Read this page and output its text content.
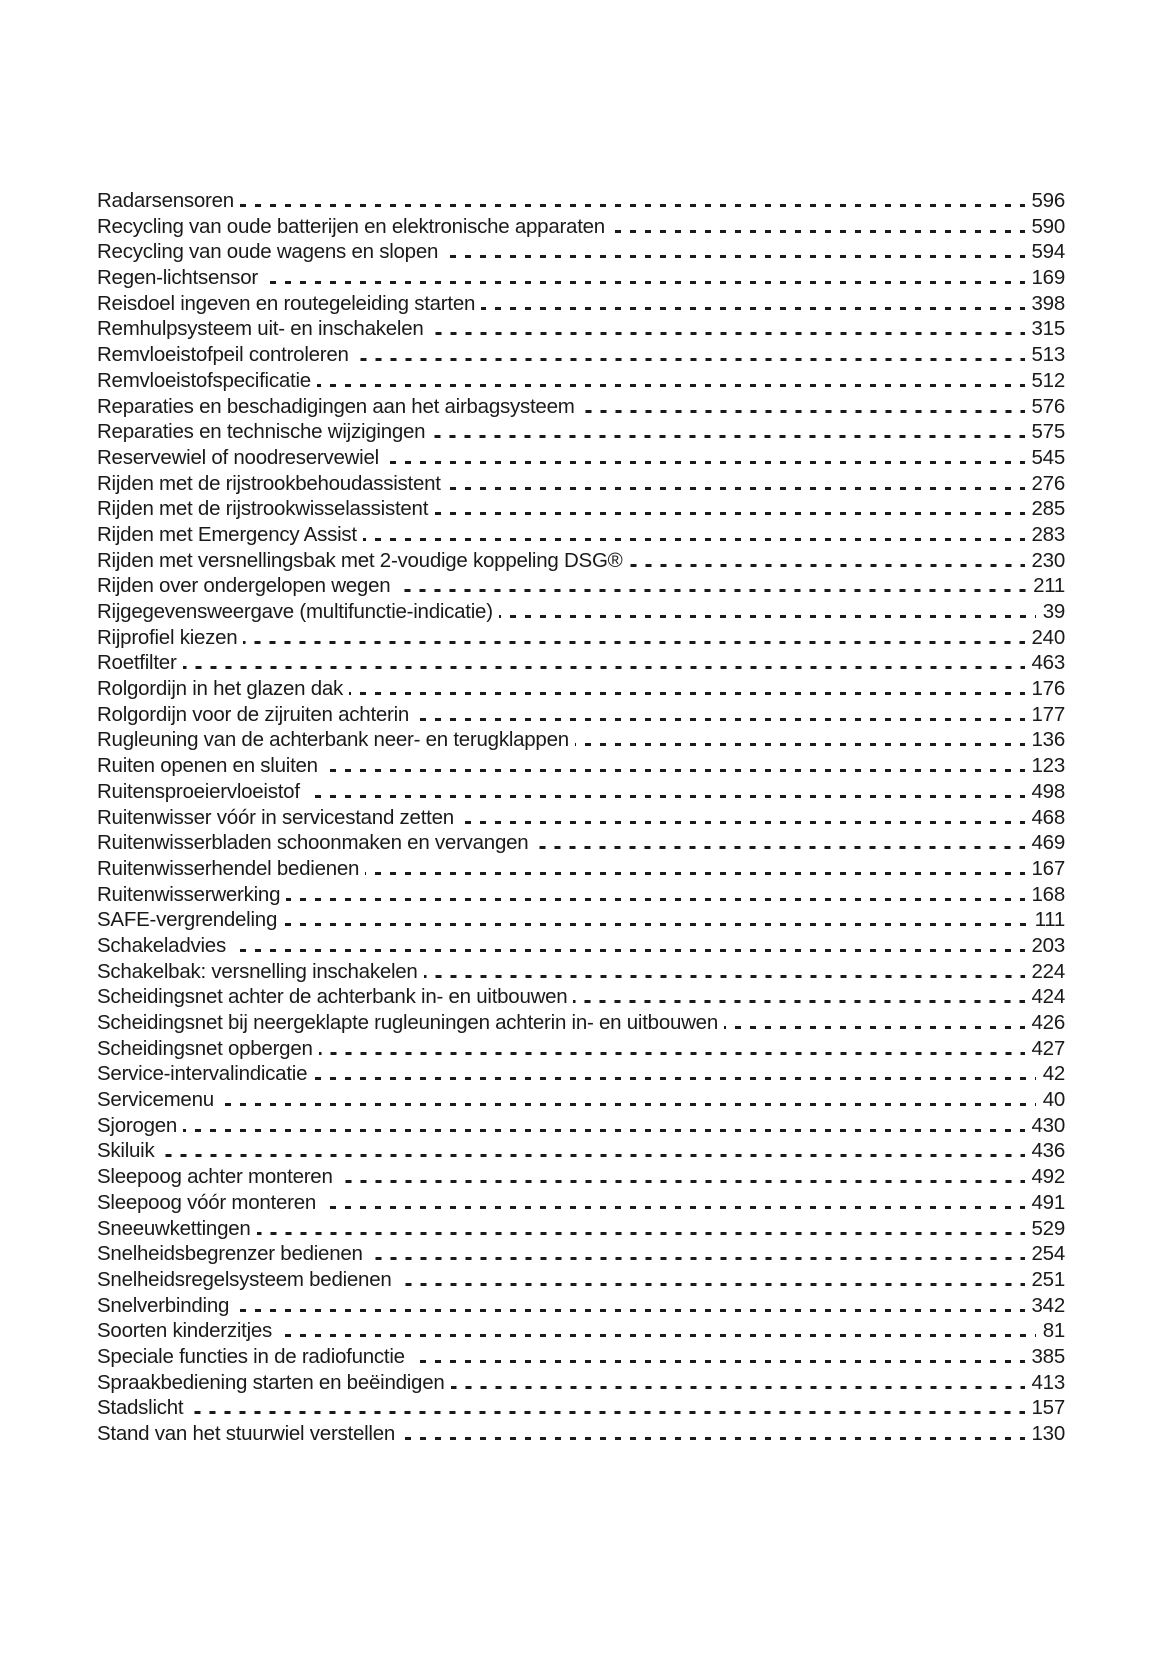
Radarsensoren	596
Recycling van oude batterijen en elektronische apparaten	590
Recycling van oude wagens en slopen	594
Regen-lichtsensor	169
Reisdoel ingeven en routegeleiding starten	398
Remhulpsysteem uit- en inschakelen	315
Remvloeistofpeil controleren	513
Remvloeistofspecificatie	512
Reparaties en beschadigingen aan het airbagsysteem	576
Reparaties en technische wijzigingen	575
Reservewiel of noodreservewiel	545
Rijden met de rijstrookbehoudassistent	276
Rijden met de rijstrookwisselassistent	285
Rijden met Emergency Assist	283
Rijden met versnellingsbak met 2-voudige koppeling DSG®	230
Rijden over ondergelopen wegen	211
Rijgegevensweergave (multifunctie-indicatie)	39
Rijprofiel kiezen	240
Roetfilter	463
Rolgordijn in het glazen dak	176
Rolgordijn voor de zijruiten achterin	177
Rugleuning van de achterbank neer- en terugklappen	136
Ruiten openen en sluiten	123
Ruitensproeiervloeistof	498
Ruitenwisser vóór in servicestand zetten	468
Ruitenwisserbladen schoonmaken en vervangen	469
Ruitenwisserhendel bedienen	167
Ruitenwisserwerking	168
SAFE-vergrendeling	111
Schakeladvies	203
Schakelbak: versnelling inschakelen	224
Scheidingsnet achter de achterbank in- en uitbouwen	424
Scheidingsnet bij neergeklapte rugleuningen achterin in- en uitbouwen	426
Scheidingsnet opbergen	427
Service-intervalindicatie	42
Servicemenu	40
Sjorogen	430
Skiluik	436
Sleepoog achter monteren	492
Sleepoog vóór monteren	491
Sneeuwkettingen	529
Snelheidsbegrenzer bedienen	254
Snelheidsregelsysteem bedienen	251
Snelverbinding	342
Soorten kinderzitjes	81
Speciale functies in de radiofunctie	385
Spraakbediening starten en beëindigen	413
Stadslicht	157
Stand van het stuurwiel verstellen	130
